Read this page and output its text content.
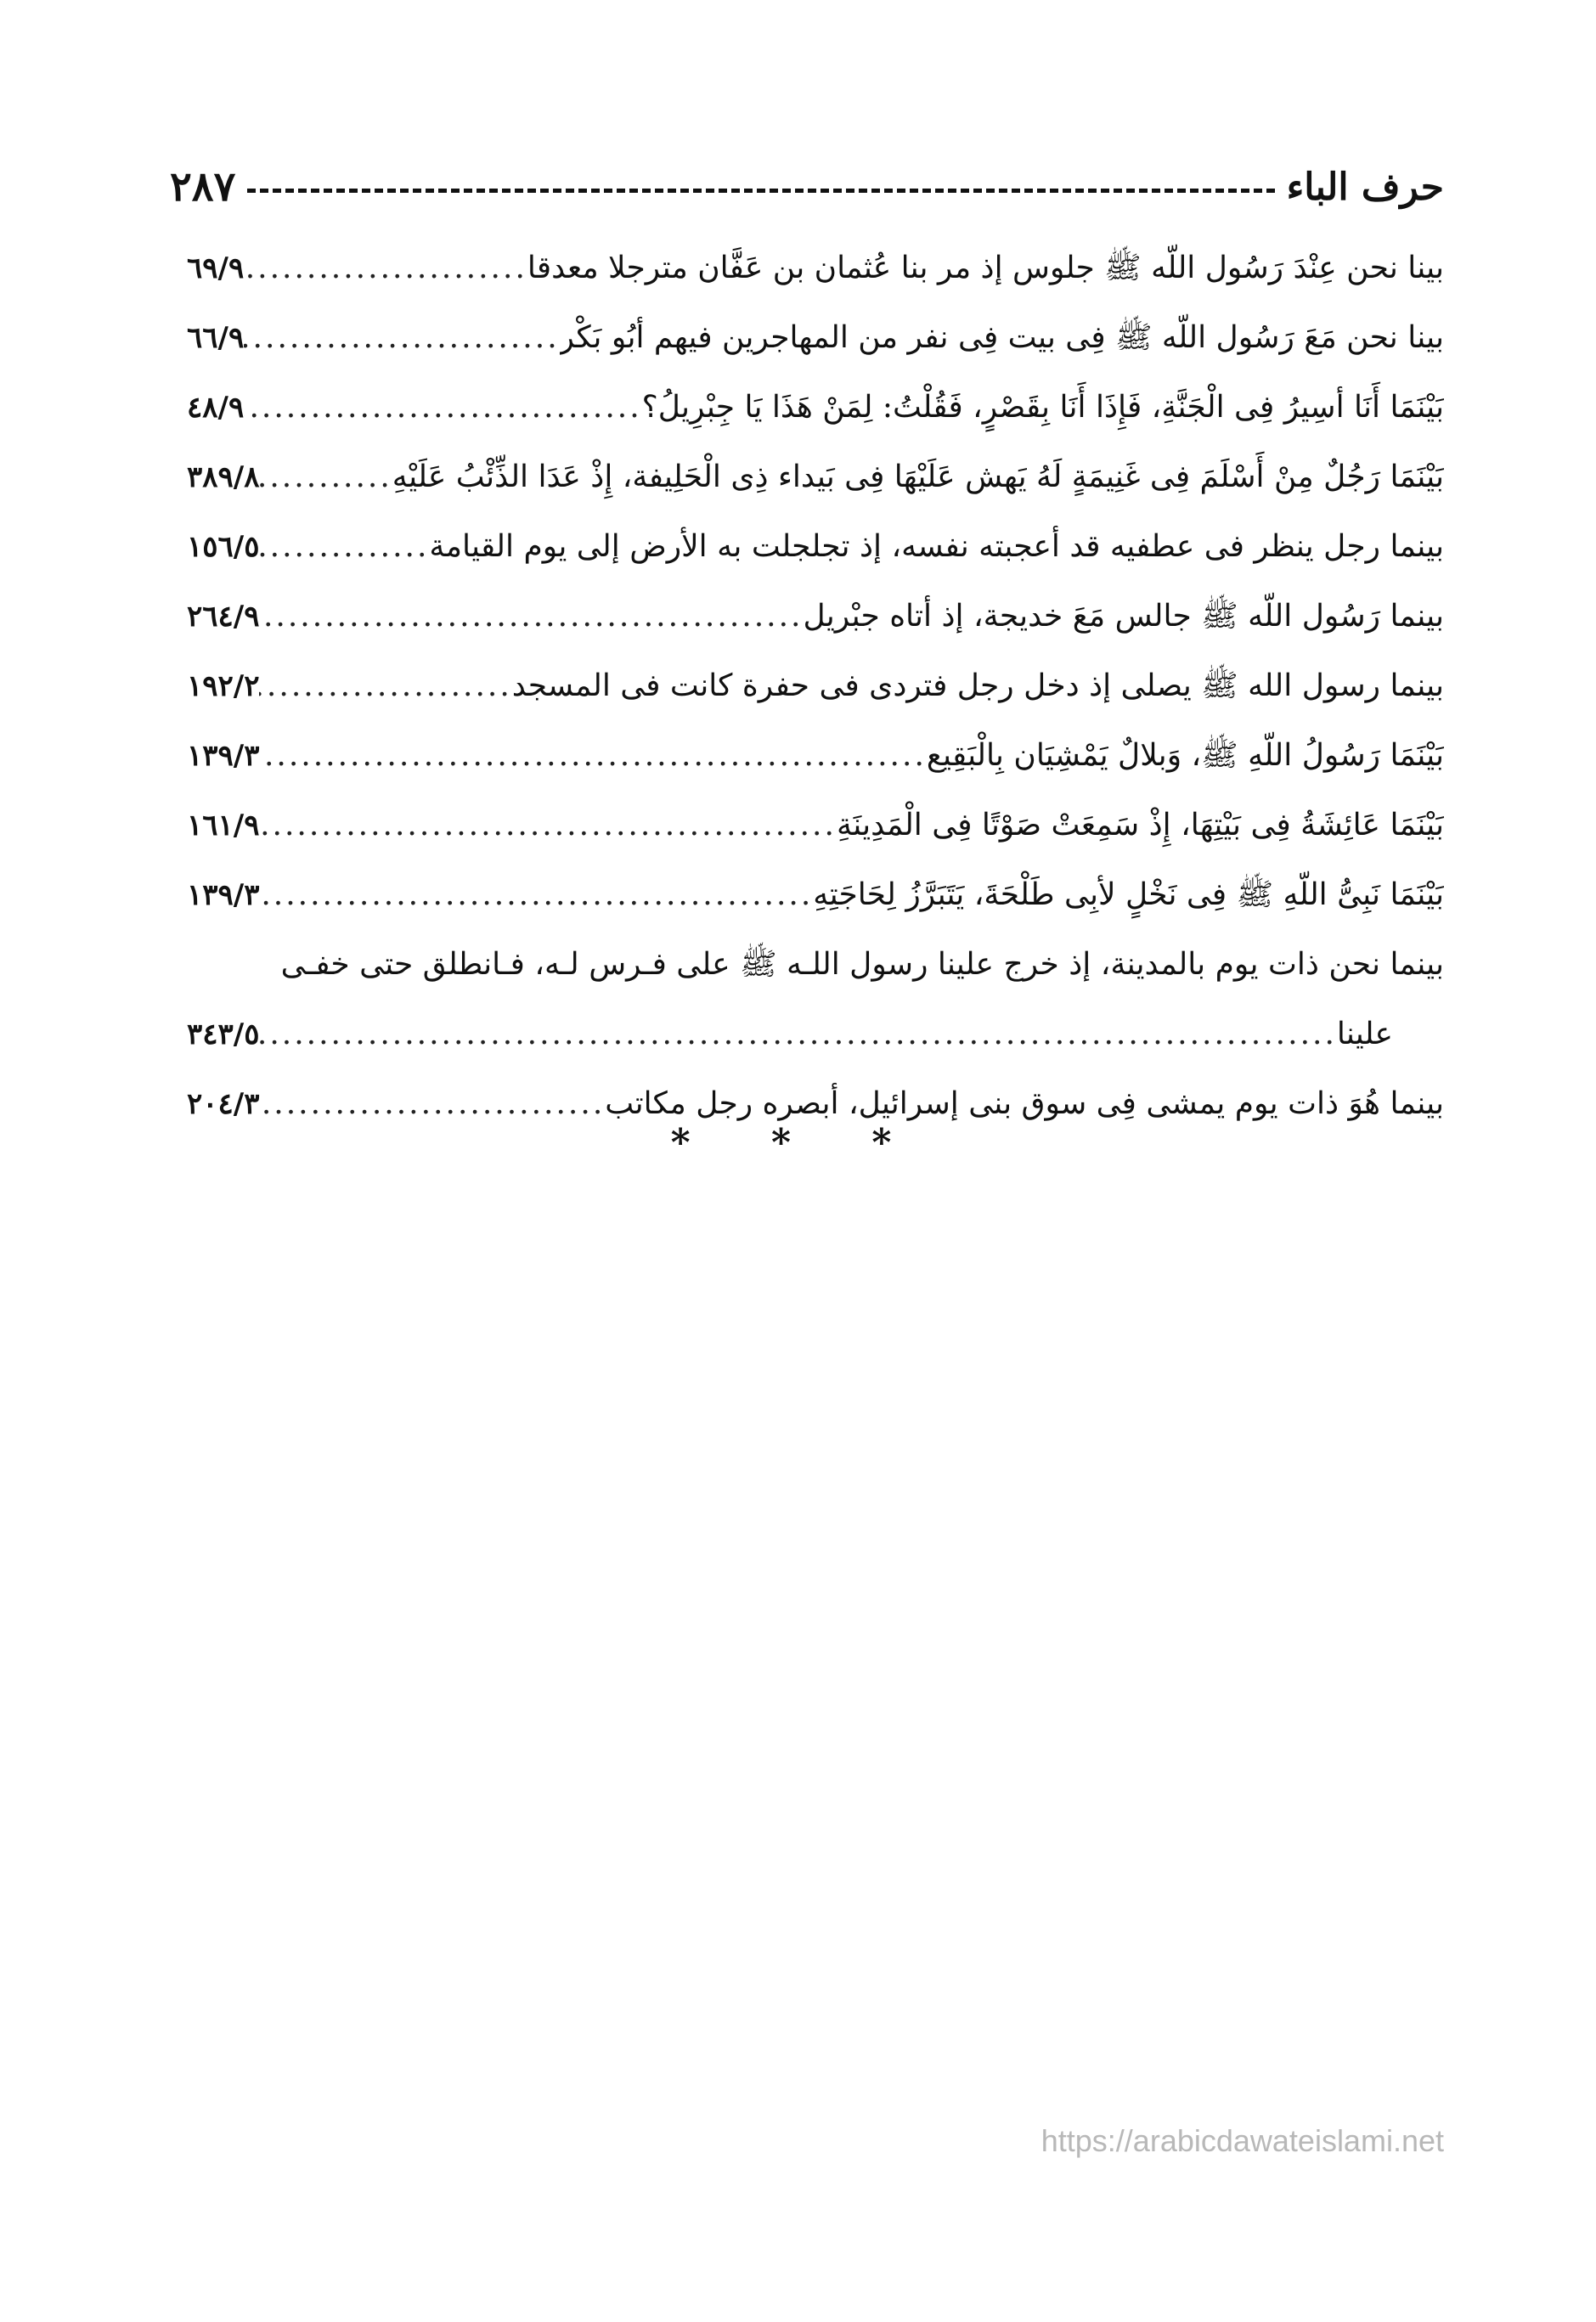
حرف الباء
٢٨٧
بينا نحن عِنْدَ رَسُول اللّه ﷺ جلوس إذ مر بنا عُثمان بن عَفَّان مترجلا معدقا
.....
٦٩/٩
بينا نحن مَعَ رَسُول اللّه ﷺ فِى بيت فِى نفر من المهاجرين فيهم أبُو بَكْر
.....
٦٦/٩
بَيْنَمَا أَنَا أسِيرُ فِى الْجَنَّةِ، فَإِذَا أَنَا بِقَصْرٍ، فَقُلْتُ: لِمَنْ هَذَا يَا جِبْرِيلُ؟
.....
٤٨/٩
بَيْنَمَا رَجُلٌ مِنْ أَسْلَمَ فِى غَنِيمَةٍ لَهُ يَهش عَلَيْهَا فِى بَيداء ذِى الْحَلِيفة، إِذْ عَدَا الذِّئْبُ عَلَيْهِ
.....
٣٨٩/٨
بينما رجل ينظر فى عطفيه قد أعجبته نفسه، إذ تجلجلت به الأرض إلى يوم القيامة
.....
١٥٦/٥
بينما رَسُول اللّه ﷺ جالس مَعَ خديجة، إذ أتاه جبْريل
.....
٢٦٤/٩
بينما رسول الله ﷺ يصلى إذ دخل رجل فتردى فى حفرة كانت فى المسجد
.....
١٩٢/٢
بَيْنَمَا رَسُولُ اللّهِ ﷺ، وَبلالٌ يَمْشِيَان بِالْبَقِيع
.....
١٣٩/٣
بَيْنَمَا عَائِشَةُ فِى بَيْتِهَا، إِذْ سَمِعَتْ صَوْتًا فِى الْمَدِينَةِ
.....
١٦١/٩
بَيْنَمَا نَبِىُّ اللّهِ ﷺ فِى نَخْلٍ لأبِى طَلْحَةَ، يَتَبَرَّزُ لِحَاجَتِهِ
.....
١٣٩/٣
بينما نحن ذات يوم بالمدينة، إذ خرج علينا رسول اللـه ﷺ على فـرس لـه، فـانطلق حتى خفـى
علينا
.....
٣٤٣/٥
بينما هُوَ ذات يوم يمشى فِى سوق بنى إسرائيل، أبصره رجل مكاتب
.....
٢٠٤/٣
* * *
https://arabicdawateislami.net
